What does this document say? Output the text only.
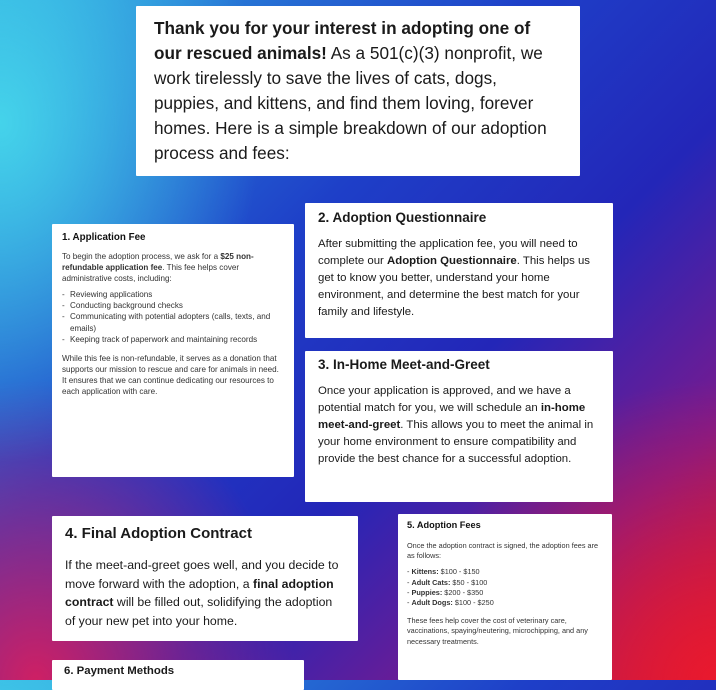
Thank you for your interest in adopting one of our rescued animals! As a 501(c)(3) nonprofit, we work tirelessly to save the lives of cats, dogs, puppies, and kittens, and find them loving, forever homes. Here is a simple breakdown of our adoption process and fees:

1. Application Fee

To begin the adoption process, we ask for a $25 non-refundable application fee. This fee helps cover administrative costs, including:

- Reviewing applications
- Conducting background checks
- Communicating with potential adopters (calls, texts, and emails)
- Keeping track of paperwork and maintaining records

While this fee is non-refundable, it serves as a donation that supports our mission to rescue and care for animals in need. It ensures that we can continue dedicating our resources to each application with care.

2. Adoption Questionnaire

After submitting the application fee, you will need to complete our Adoption Questionnaire. This helps us get to know you better, understand your home environment, and determine the best match for your family and lifestyle.

3. In-Home Meet-and-Greet

Once your application is approved, and we have a potential match for you, we will schedule an in-home meet-and-greet. This allows you to meet the animal in your home environment to ensure compatibility and provide the best chance for a successful adoption.

4. Final Adoption Contract

If the meet-and-greet goes well, and you decide to move forward with the adoption, a final adoption contract will be filled out, solidifying the adoption of your new pet into your home.

5. Adoption Fees

Once the adoption contract is signed, the adoption fees are as follows:

- Kittens: $100 - $150
- Adult Cats: $50 - $100
- Puppies: $200 - $350
- Adult Dogs: $100 - $250

These fees help cover the cost of veterinary care, vaccinations, spaying/neutering, microchipping, and any necessary treatments.

6. Payment Methods
